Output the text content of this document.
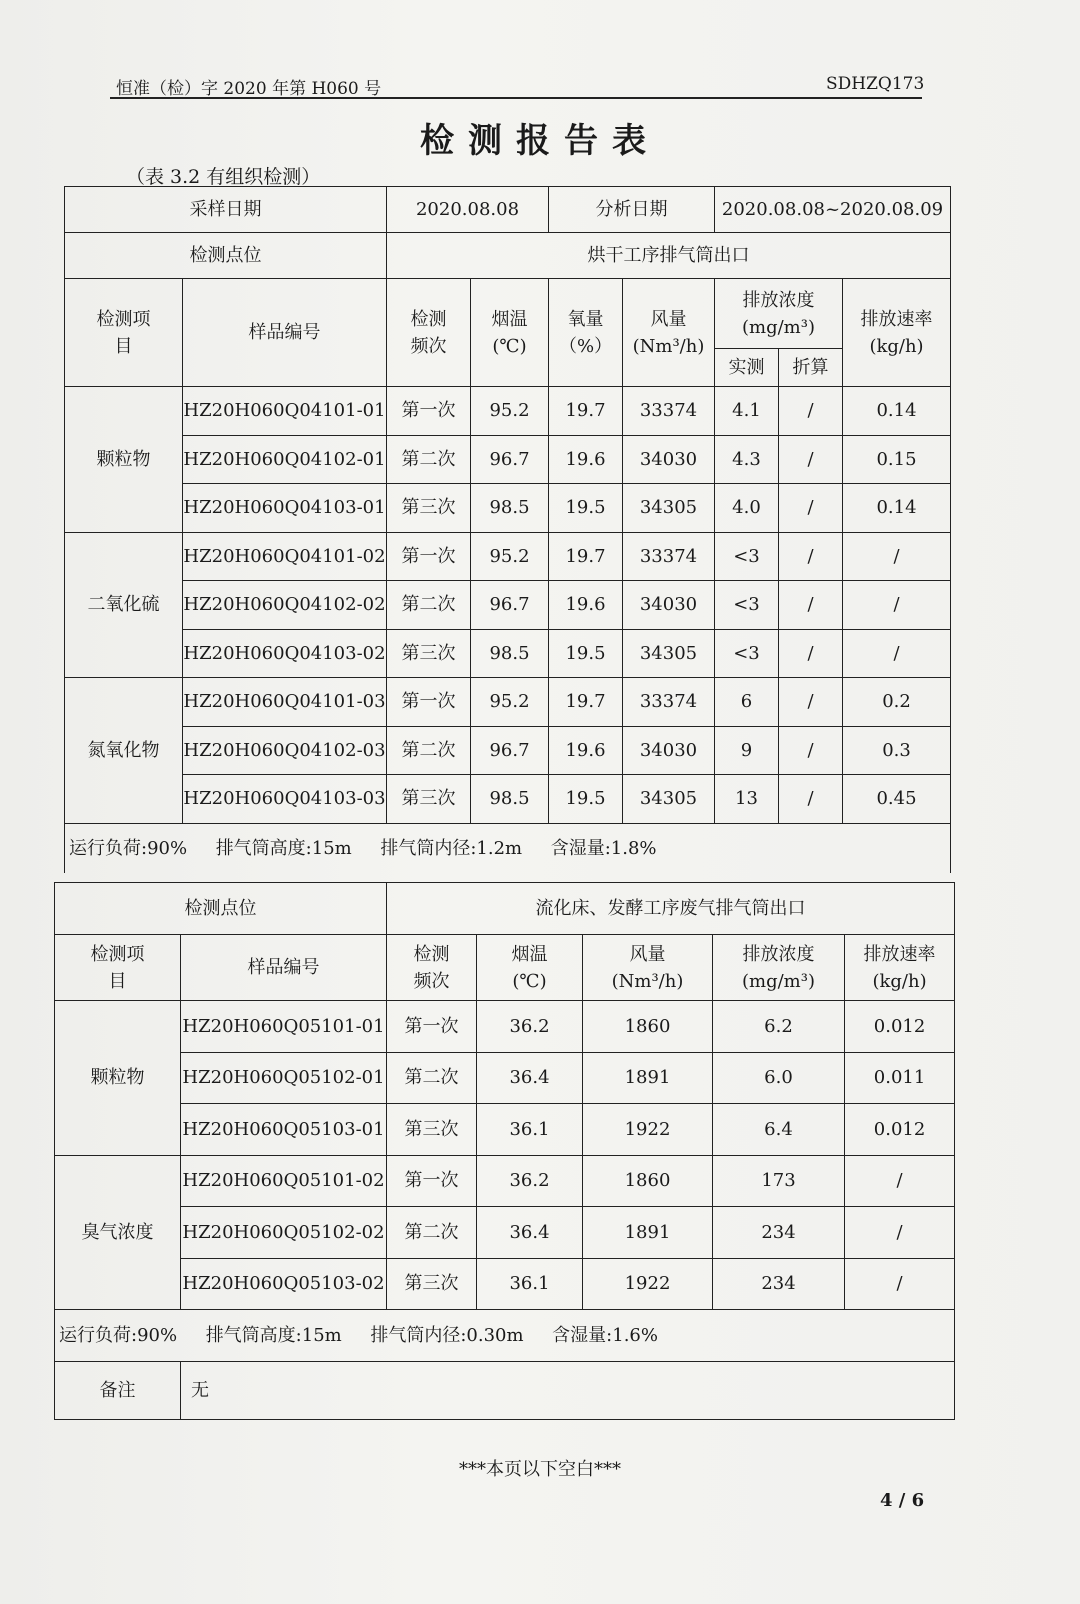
恒准（检）字 2020 年第 H060 号	SDHZQ173
检测报告表
（表 3.2 有组织检测）
采样日期		2020.08.08		分析日期		2020.08.08~2020.08.09		
检测点位		烘干工序排气筒出口						
检测项目	样品编号	检测频次	烟温(℃)	氧量（%）	风量(Nm³/h)	排放浓度(mg/m³)		排放速率(kg/h)
						实测	折算	
颗粒物	HZ20H060Q04101-01	第一次	95.2	19.7	33374	4.1	/	0.14
	HZ20H060Q04102-01	第二次	96.7	19.6	34030	4.3	/	0.15
	HZ20H060Q04103-01	第三次	98.5	19.5	34305	4.0	/	0.14
二氧化硫	HZ20H060Q04101-02	第一次	95.2	19.7	33374	<3	/	/
	HZ20H060Q04102-02	第二次	96.7	19.6	34030	<3	/	/
	HZ20H060Q04103-02	第三次	98.5	19.5	34305	<3	/	/
氮氧化物	HZ20H060Q04101-03	第一次	95.2	19.7	33374	6	/	0.2
	HZ20H060Q04102-03	第二次	96.7	19.6	34030	9	/	0.3
	HZ20H060Q04103-03	第三次	98.5	19.5	34305	13	/	0.45
运行负荷:90% 排气筒高度:15m 排气筒内径:1.2m 含湿量:1.8%								
检测点位		流化床、发酵工序废气排气筒出口				
检测项目	样品编号	检测频次	烟温(℃)	风量(Nm³/h)	排放浓度(mg/m³)	排放速率(kg/h)
颗粒物	HZ20H060Q05101-01	第一次	36.2	1860	6.2	0.012
	HZ20H060Q05102-01	第二次	36.4	1891	6.0	0.011
	HZ20H060Q05103-01	第三次	36.1	1922	6.4	0.012
臭气浓度	HZ20H060Q05101-02	第一次	36.2	1860	173	/
	HZ20H060Q05102-02	第二次	36.4	1891	234	/
	HZ20H060Q05103-02	第三次	36.1	1922	234	/
运行负荷:90% 排气筒高度:15m 排气筒内径:0.30m 含湿量:1.6%						
备注	无					
***本页以下空白***
4 / 6
